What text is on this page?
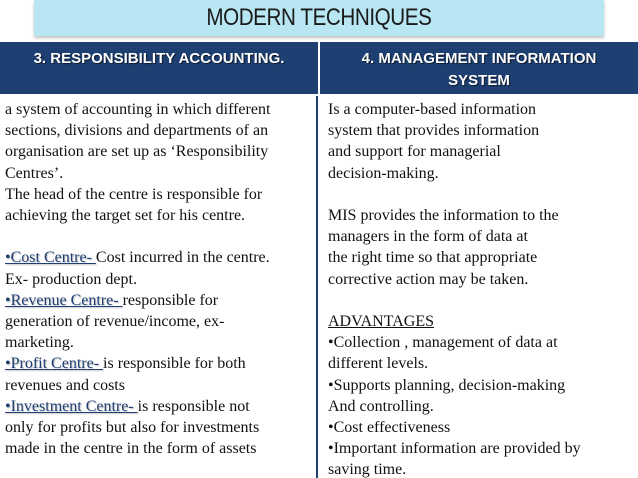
MODERN TECHNIQUES
3. RESPONSIBILITY ACCOUNTING.	4. MANAGEMENT INFORMATION
SYSTEM
a system of accounting in which different
sections, divisions and departments of an
organisation are set up as ‘Responsibility
Centres’.
The head of the centre is responsible for
achieving the target set for his centre.
•Cost Centre- Cost incurred in the centre.
Ex- production dept.
•Revenue Centre- responsible for
generation of revenue/income, ex-
marketing.
•Profit Centre- is responsible for both
revenues and costs
•Investment Centre- is responsible not
only for profits but also for investments
made in the centre in the form of assets
Is a computer-based information
system that provides information
and support for managerial
decision-making.
MIS provides the information to the
managers in the form of data at
the right time so that appropriate
corrective action may be taken.
ADVANTAGES
•Collection , management of data at
different levels.
•Supports planning, decision-making
And controlling.
•Cost effectiveness
•Important information are provided by
saving time.
